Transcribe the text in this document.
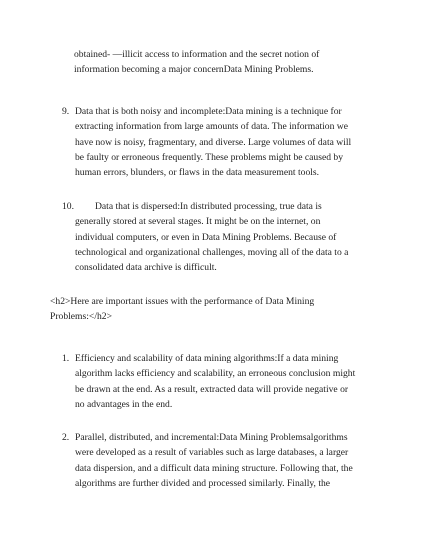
obtained- —illicit access to information and the secret notion of
information becoming a major concernData Mining Problems.
9. Data that is both noisy and incomplete:Data mining is a technique for
extracting information from large amounts of data. The information we
have now is noisy, fragmentary, and diverse. Large volumes of data will
be faulty or erroneous frequently. These problems might be caused by
human errors, blunders, or flaws in the data measurement tools.
10. Data that is dispersed:In distributed processing, true data is
generally stored at several stages. It might be on the internet, on
individual computers, or even in Data Mining Problems. Because of
technological and organizational challenges, moving all of the data to a
consolidated data archive is difficult.
<h2>Here are important issues with the performance of Data Mining
Problems:</h2>
1. Efficiency and scalability of data mining algorithms:If a data mining
algorithm lacks efficiency and scalability, an erroneous conclusion might
be drawn at the end. As a result, extracted data will provide negative or
no advantages in the end.
2. Parallel, distributed, and incremental:Data Mining Problemsalgorithms
were developed as a result of variables such as large databases, a larger
data dispersion, and a difficult data mining structure. Following that, the
algorithms are further divided and processed similarly. Finally, the
